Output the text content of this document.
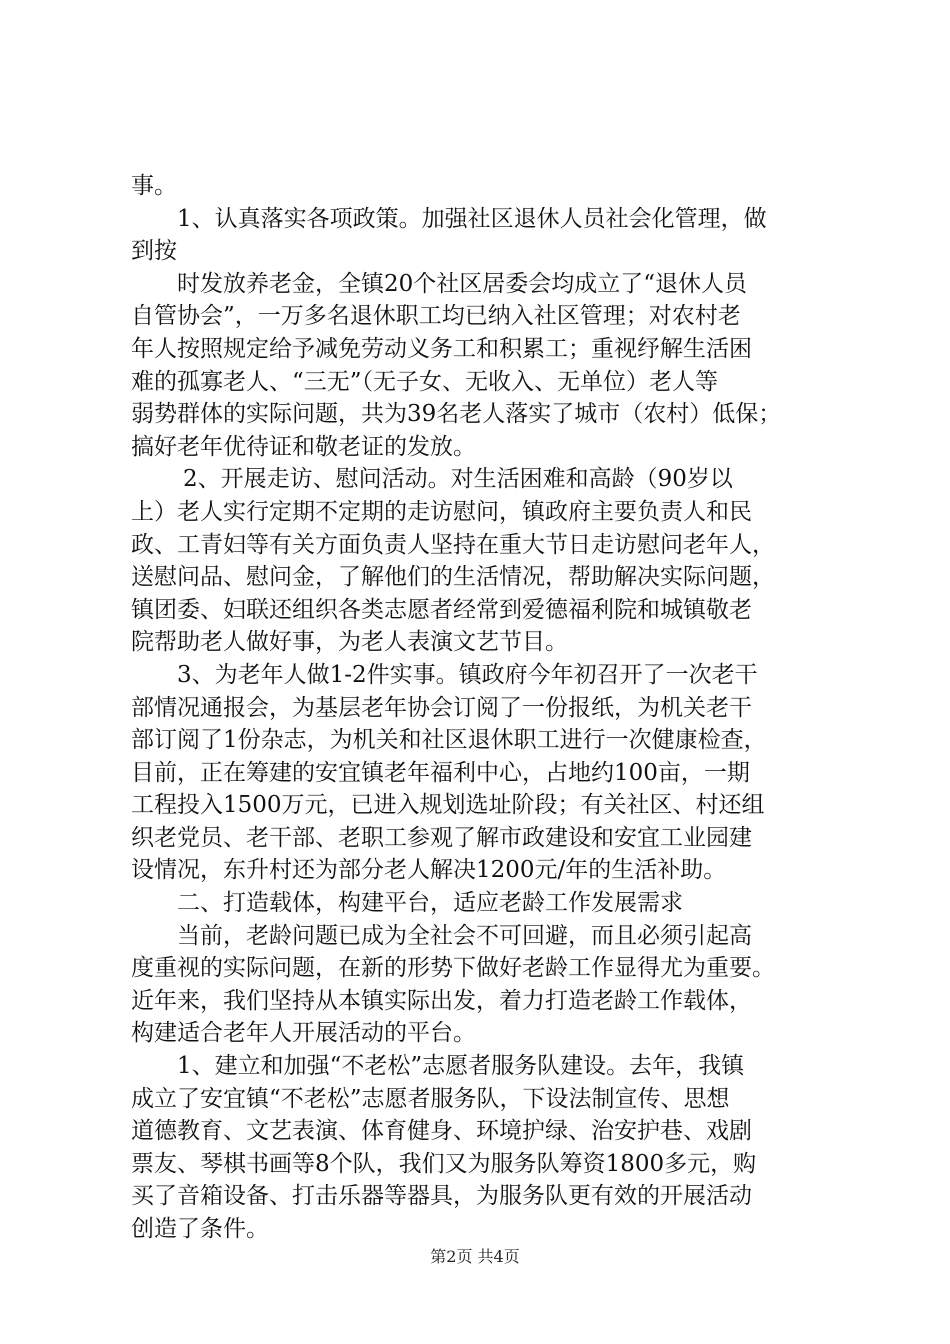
事。
1、认真落实各项政策。加强社区退休人员社会化管理，做
到按
时发放养老金，全镇20个社区居委会均成立了“退休人员
自管协会”，一万多名退休职工均已纳入社区管理；对农村老
年人按照规定给予减免劳动义务工和积累工；重视纾解生活困
难的孤寡老人、“三无”（无子女、无收入、无单位）老人等
弱势群体的实际问题，共为39名老人落实了城市（农村）低保；
搞好老年优待证和敬老证的发放。
2、开展走访、慰问活动。对生活困难和高龄（90岁以
上）老人实行定期不定期的走访慰问，镇政府主要负责人和民
政、工青妇等有关方面负责人坚持在重大节日走访慰问老年人，
送慰问品、慰问金，了解他们的生活情况，帮助解决实际问题，
镇团委、妇联还组织各类志愿者经常到爱德福利院和城镇敬老
院帮助老人做好事，为老人表演文艺节目。
3、为老年人做1-2件实事。镇政府今年初召开了一次老干
部情况通报会，为基层老年协会订阅了一份报纸，为机关老干
部订阅了1份杂志，为机关和社区退休职工进行一次健康检查，
目前，正在筹建的安宜镇老年福利中心，占地约100亩，一期
工程投入1500万元，已进入规划选址阶段；有关社区、村还组
织老党员、老干部、老职工参观了解市政建设和安宜工业园建
设情况，东升村还为部分老人解决1200元/年的生活补助。
二、打造载体，构建平台，适应老龄工作发展需求
当前，老龄问题已成为全社会不可回避，而且必须引起高
度重视的实际问题，在新的形势下做好老龄工作显得尤为重要。
近年来，我们坚持从本镇实际出发，着力打造老龄工作载体，
构建适合老年人开展活动的平台。
1、建立和加强“不老松”志愿者服务队建设。去年，我镇
成立了安宜镇“不老松”志愿者服务队，下设法制宣传、思想
道德教育、文艺表演、体育健身、环境护绿、治安护巷、戏剧
票友、琴棋书画等8个队，我们又为服务队筹资1800多元，购
买了音箱设备、打击乐器等器具，为服务队更有效的开展活动
创造了条件。
第2页 共4页
